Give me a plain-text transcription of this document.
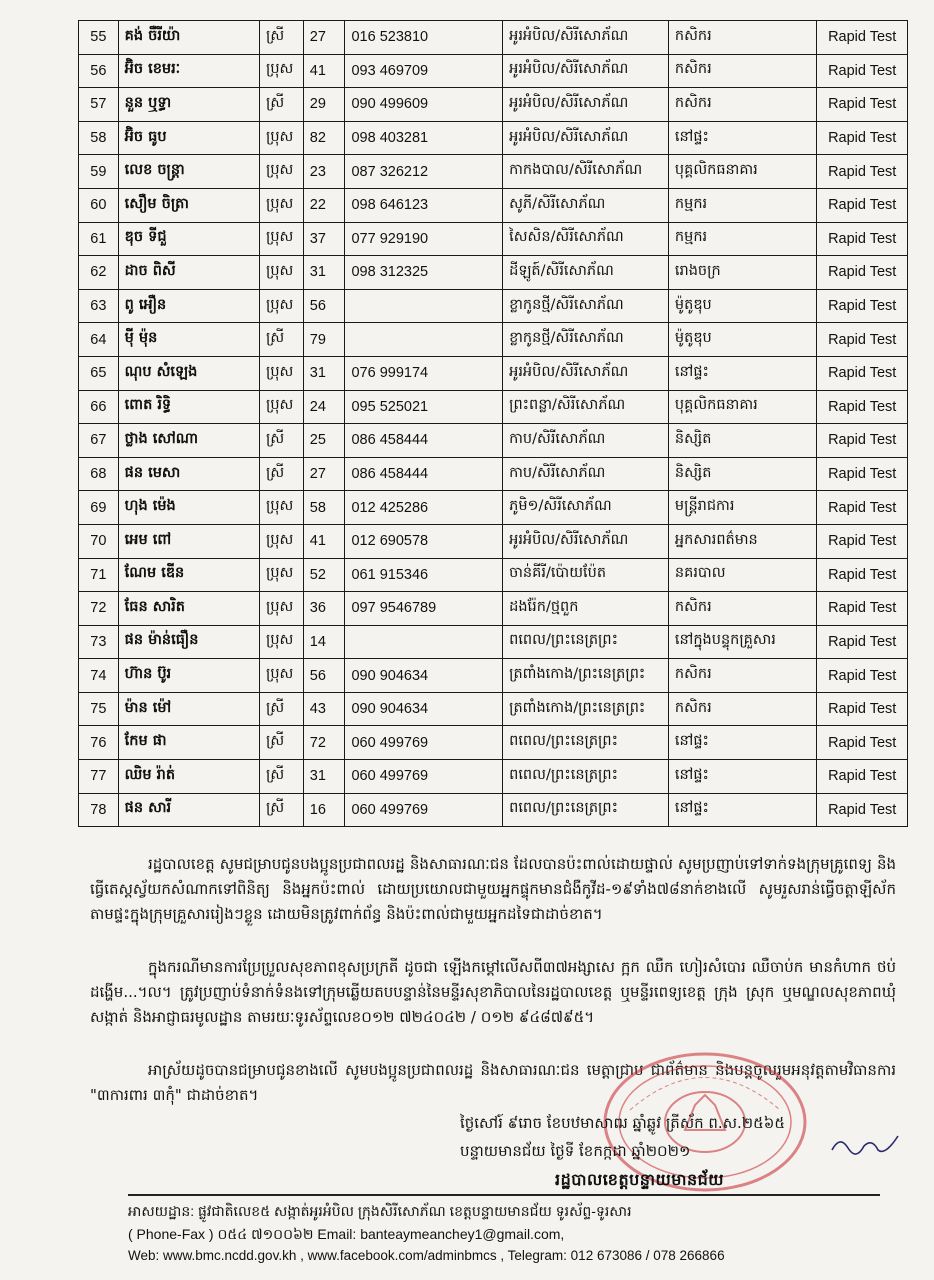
55	គង់ ចឺរីយ៉ា	ស្រី	27	016 523810	អូរអំបិល/សិរីសោភ័ណ	កសិករ	Rapid Test
56	អ៊ិច ខេមរៈ	ប្រុស	41	093 469709	អូរអំបិល/សិរីសោភ័ណ	កសិករ	Rapid Test
57	នួន ឬទ្ធា	ស្រី	29	090 499609	អូរអំបិល/សិរីសោភ័ណ	កសិករ	Rapid Test
58	អ៊ិច ធូប	ប្រុស	82	098 403281	អូរអំបិល/សិរីសោភ័ណ	នៅផ្ទះ	Rapid Test
59	លេខ ចន្ត្រា	ប្រុស	23	087 326212	កាកងបាល/សិរីសោភ័ណ	បុគ្គលិកធនាគារ	Rapid Test
60	សឿម ចិត្រា	ប្រុស	22	098 646123	សូភី/សិរីសោភ័ណ	កម្មករ	Rapid Test
61	ឌុច ទីជួ	ប្រុស	37	077 929190	សៃសិន/សិរីសោភ័ណ	កម្មករ	Rapid Test
62	ដាច ពិសី	ប្រុស	31	098 312325	ដីឡូត៍/សិរីសោភ័ណ	រោងចក្រ	Rapid Test
63	ពូ អឿន	ប្រុស	56		ខ្លាកូនថ្មី/សិរីសោភ័ណ	ម៉ូតូឌុប	Rapid Test
64	ម៉ី ម៉ុន	ស្រី	79		ខ្លាកូនថ្មី/សិរីសោភ័ណ	ម៉ូតូឌុប	Rapid Test
65	ណុប សំឡេង	ប្រុស	31	076 999174	អូរអំបិល/សិរីសោភ័ណ	នៅផ្ទះ	Rapid Test
66	ពោត រិទ្ធិ	ប្រុស	24	095 525021	ព្រះពន្លា/សិរីសោភ័ណ	បុគ្គលិកធនាគារ	Rapid Test
67	ថ្លាង សៅណា	ស្រី	25	086 458444	កាប/សិរីសោភ័ណ	និស្សិត	Rapid Test
68	ផន មេសា	ស្រី	27	086 458444	កាប/សិរីសោភ័ណ	និស្សិត	Rapid Test
69	ហុង ម៉េង	ប្រុស	58	012 425286	ភូមិ១/សិរីសោភ័ណ	មន្ត្រីរាជការ	Rapid Test
70	អេម ពៅ	ប្រុស	41	012 690578	អូរអំបិល/សិរីសោភ័ណ	អ្នកសារពត៌មាន	Rapid Test
71	ណែម ឌើន	ប្រុស	52	061 915346	ចាន់គីរី/ប៉ោយប៉ែត	នគរបាល	Rapid Test
72	ធែន សារិត	ប្រុស	36	097 9546789	ដងរ៉ែក/ថ្មពួក	កសិករ	Rapid Test
73	ផន ម៉ាន់ធឿន	ប្រុស	14		ពពេល/ព្រះនេត្រព្រះ	នៅក្នុងបន្ទុកគ្រួសារ	Rapid Test
74	ហ៊ាន ប៊ូរ	ប្រុស	56	090 904634	ត្រពាំងកោង/ព្រះនេត្រព្រះ	កសិករ	Rapid Test
75	ម៉ាន ម៉ៅ	ស្រី	43	090 904634	ត្រពាំងកោង/ព្រះនេត្រព្រះ	កសិករ	Rapid Test
76	កែម ផា	ស្រី	72	060 499769	ពពេល/ព្រះនេត្រព្រះ	នៅផ្ទះ	Rapid Test
77	ឈិម រ៉ាត់	ស្រី	31	060 499769	ពពេល/ព្រះនេត្រព្រះ	នៅផ្ទះ	Rapid Test
78	ផន សារី	ស្រី	16	060 499769	ពពេល/ព្រះនេត្រព្រះ	នៅផ្ទះ	Rapid Test

រដ្ឋបាលខេត្ត សូមជម្រាបជូនបងប្អូនប្រជាពលរដ្ឋ និងសាធារណៈជន ដែលបានប៉ះពាល់ដោយផ្ទាល់ សូមប្រញាប់ទៅទាក់ទងក្រុមគ្រូពេទ្យ និងធ្វើតេស្តស្វ័យកសំណាកទៅពិនិត្យ និងអ្នកប៉ះពាល់ ដោយប្រយោលជាមួយអ្នកផ្ទុកមានជំងឺកូវីដ-១៩ទាំង៧៨នាក់ខាងលើ សូមរួសរាន់ធ្វើចត្តាឡីស័កតាមផ្ទះក្នុងក្រុមគ្រួសាររៀងៗខ្លួន ដោយមិនត្រូវពាក់ព័ន្ធ និងប៉ះពាល់ជាមួយអ្នកដទៃជាដាច់ខាត។

ក្នុងករណីមានការប្រែប្រួលសុខភាពខុសប្រក្រតី ដូចជា ឡើងកម្តៅលើសពី៣៧អង្សាសេ ក្អក ឈឺក ហៀរសំបោរ ឈឺចាប់ក មានកំហាក ថប់ដង្ហើម...។ល។ ត្រូវប្រញាប់ទំនាក់ទំនងទៅក្រុមឆ្លើយតបបន្ទាន់នៃមន្ទីរសុខាភិបាលនៃរដ្ឋបាលខេត្ត ឬមន្ទីរពេទ្យខេត្ត ក្រុង ស្រុក ឬមណ្ឌលសុខភាពឃុំ សង្កាត់ និងអាជ្ញាធរមូលដ្ឋាន តាមរយៈទូរស័ព្ទលេខ០១២ ៧២៤០៤២ / ០១២ ៩៤៨៧៩៥។

អាស្រ័យដូចបានជម្រាបជូនខាងលើ សូមបងប្អូនប្រជាពលរដ្ឋ និងសាធារណៈជន មេត្តាជ្រាប ជាព័ត៌មាន និងបន្តចូលរួមអនុវត្តតាមវិធានការ "៣ការពារ ៣កុំ" ជាដាច់ខាត។

ថ្ងៃសៅរ៍ ៩រោច ខែបឋមាសាឍ ឆ្នាំឆ្លូវ ត្រីស័ក ព.ស.២៥៦៥
បន្ទាយមានជ័យ ថ្ងៃទី ខែកក្កដា ឆ្នាំ២០២១
រដ្ឋបាលខេត្តបន្ទាយមានជ័យ
អាសយដ្ឋាន: ផ្លូវជាតិលេខ៥ សង្កាត់អូរអំបិល ក្រុងសិរីសោភ័ណ ខេត្តបន្ទាយមានជ័យ ទូរស័ព្ទ-ទូរសារ
( Phone-Fax ) ០៥៤ ៧១០០៦២ Email: banteaymeanchey1@gmail.com,
Web: www.bmc.ncdd.gov.kh , www.facebook.com/adminbmcs , Telegram: 012 673086 / 078 266866
